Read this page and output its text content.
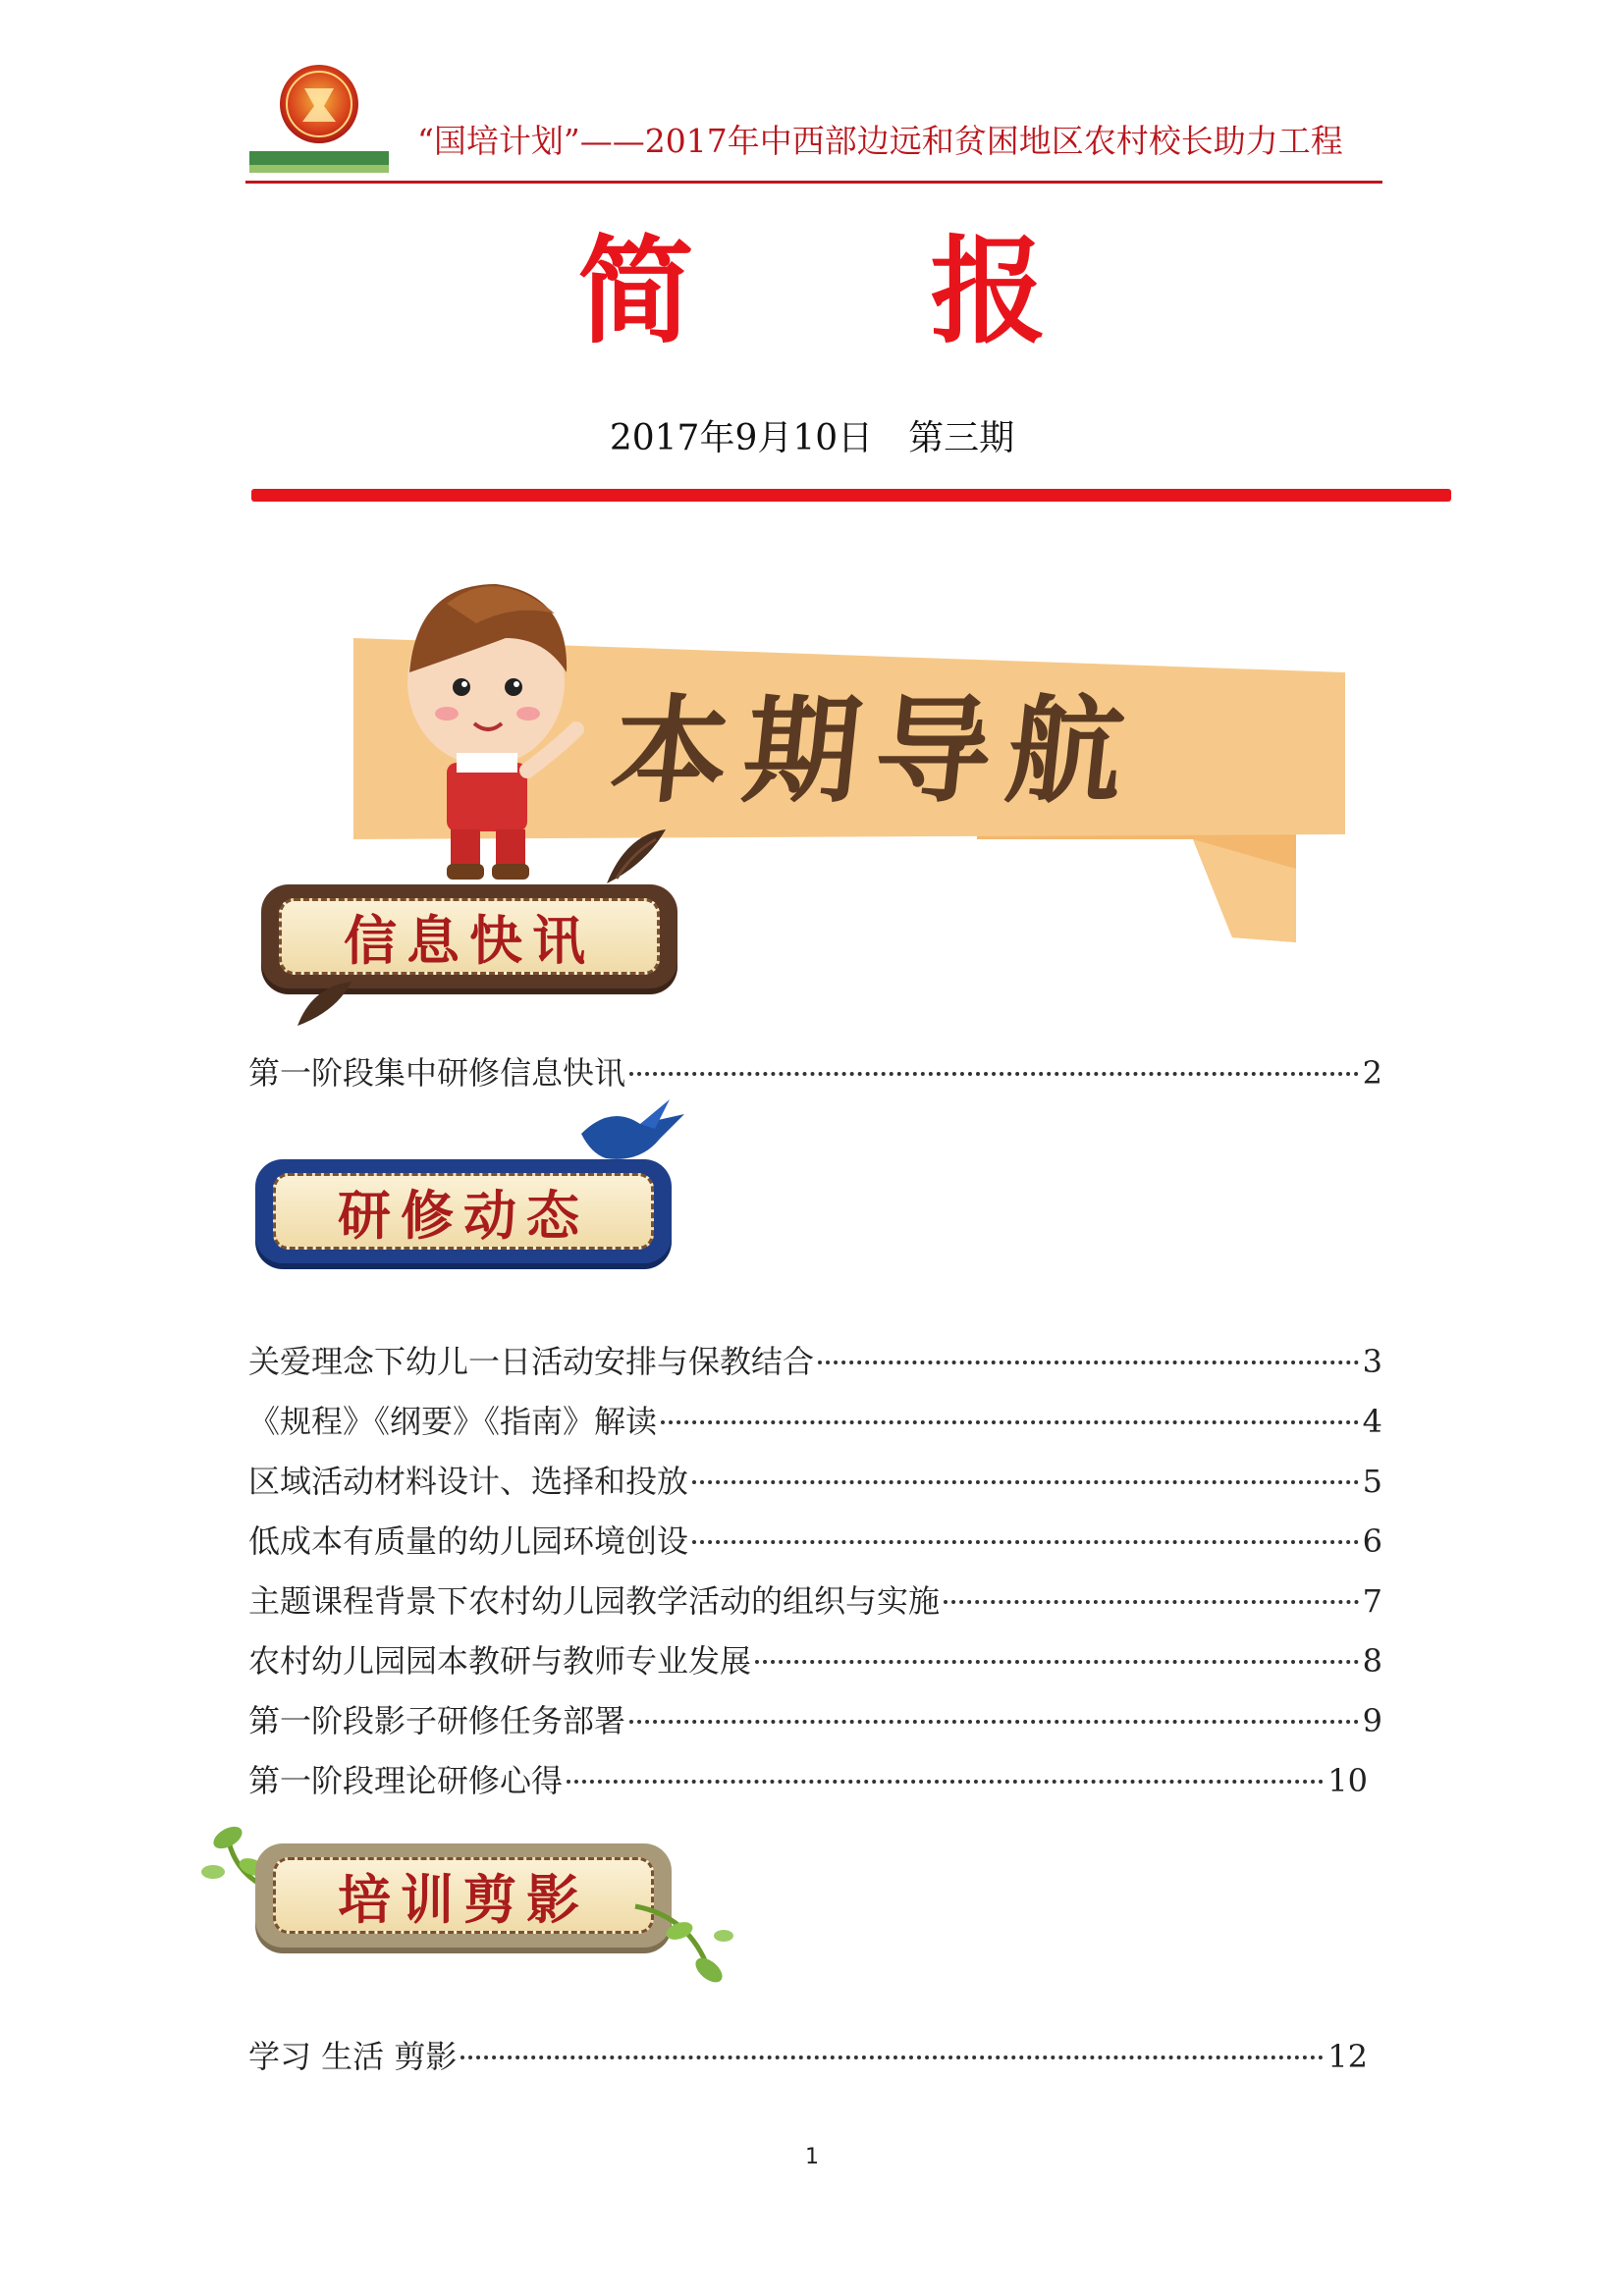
“国培计划”——2017年中西部边远和贫困地区农村校长助力工程
简 报
2017年9月10日　第三期
本期导航
信息快讯
第一阶段集中研修信息快讯	2
研修动态
关爱理念下幼儿一日活动安排与保教结合	3
《规程》《纲要》《指南》解读	4
区域活动材料设计、选择和投放	5
低成本有质量的幼儿园环境创设	6
主题课程背景下农村幼儿园教学活动的组织与实施	7
农村幼儿园园本教研与教师专业发展	8
第一阶段影子研修任务部署	9
第一阶段理论研修心得	10
培训剪影
学习 生活 剪影	12
1
